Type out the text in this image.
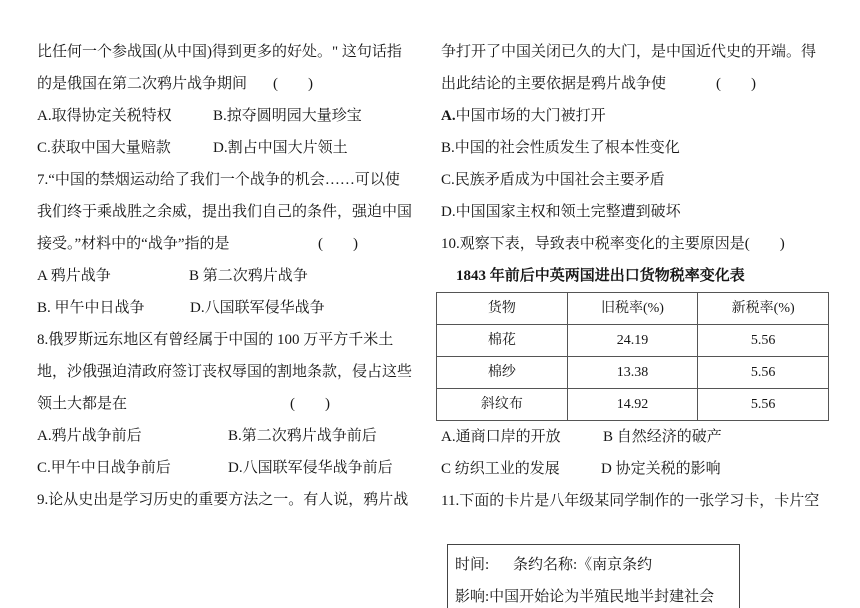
比任何一个参战国(从中国)得到更多的好处。" 这句话指
的是俄国在第二次鸦片战争期间 (　　)
A.取得协定关税特权	B.掠夺圆明园大量珍宝
C.获取中国大量赔款	D.割占中国大片领土
7.“中国的禁烟运动给了我们一个战争的机会……可以使
我们终于乘战胜之余威，提出我们自己的条件，强迫中国
接受。”材料中的“战争”指的是	(　　)
A 鸦片战争	B 第二次鸦片战争
B. 甲午中日战争	D.八国联军侵华战争
8.俄罗斯远东地区有曾经属于中国的 100 万平方千米土
地，沙俄强迫清政府签订丧权辱国的割地条款，侵占这些
领土大都是在	(　　)
A.鸦片战争前后	B.第二次鸦片战争前后
C.甲午中日战争前后	D.八国联军侵华战争前后
9.论从史出是学习历史的重要方法之一。有人说，鸦片战
争打开了中国关闭已久的大门，是中国近代史的开端。得
出此结论的主要依据是鸦片战争使	(　　)
A.中国市场的大门被打开
B.中国的社会性质发生了根本性变化
C.民族矛盾成为中国社会主要矛盾
D.中国国家主权和领土完整遭到破坏
10.观察下表，导致表中税率变化的主要原因是(　　)
1843 年前后中英两国进出口货物税率变化表
货物	旧税率(%)	新税率(%)
棉花	24.19	5.56
棉纱	13.38	5.56
斜纹布	14.92	5.56
A.通商口岸的开放	B 自然经济的破产
C 纺织工业的发展	D 协定关税的影响
11.下面的卡片是八年级某同学制作的一张学习卡，卡片空
时间: 条约名称:《南京条约
影响:中国开始论为半殖民地半封建社会
